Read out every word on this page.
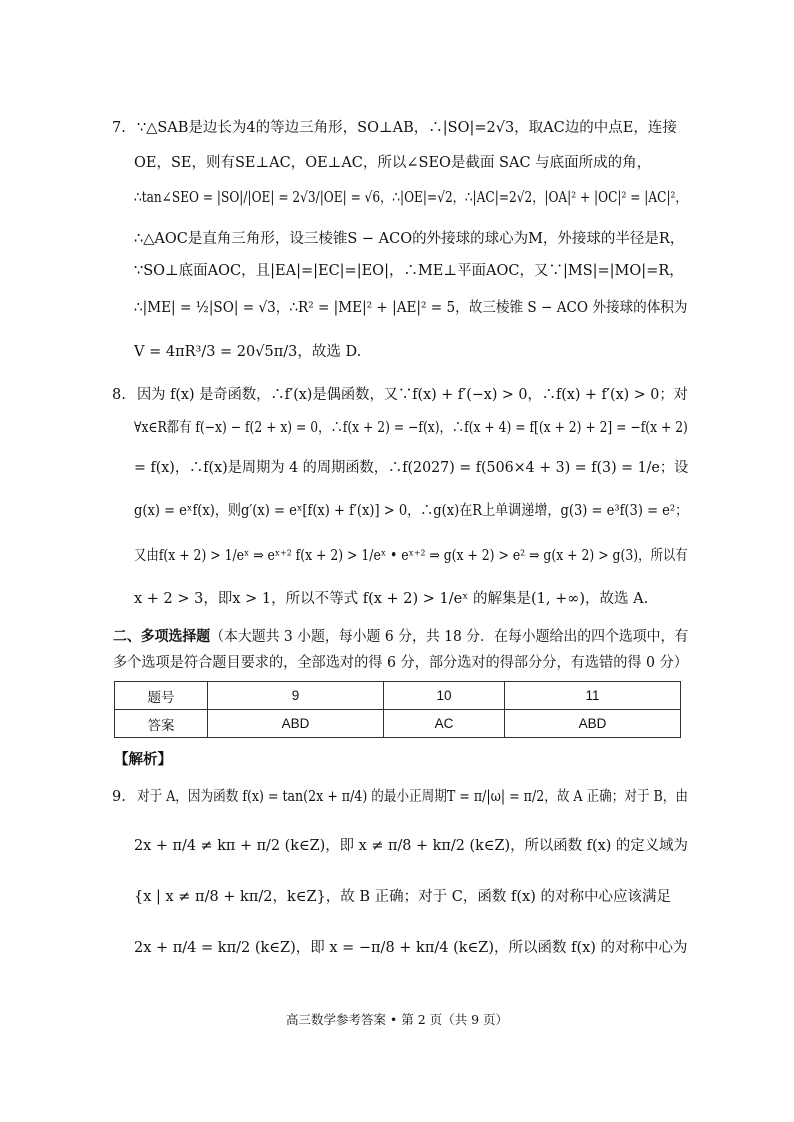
7. ∵△SAB是边长为4的等边三角形，SO⊥AB，∴|SO|=2√3，取AC边的中点E，连接
OE，SE，则有SE⊥AC，OE⊥AC，所以∠SEO是截面 SAC 与底面所成的角，
∴tan∠SEO = |SO|/|OE| = 2√3/|OE| = √6，∴|OE|=√2，∴|AC|=2√2，|OA|² + |OC|² = |AC|²，
∴△AOC是直角三角形，设三棱锥S − ACO的外接球的球心为M，外接球的半径是R，
∵SO⊥底面AOC，且|EA|=|EC|=|EO|，∴ME⊥平面AOC，又∵|MS|=|MO|=R，
∴|ME| = ½|SO| = √3，∴R² = |ME|² + |AE|² = 5，故三棱锥 S − ACO 外接球的体积为
V = 4πR³/3 = 20√5π/3，故选 D.
8. 因为 f(x) 是奇函数，∴f′(x)是偶函数，又∵f(x) + f′(−x) > 0，∴f(x) + f′(x) > 0；对
∀x∈R都有 f(−x) − f(2 + x) = 0，∴f(x + 2) = −f(x)，∴f(x + 4) = f[(x + 2) + 2] = −f(x + 2)
= f(x)，∴f(x)是周期为 4 的周期函数，∴f(2027) = f(506×4 + 3) = f(3) = 1/e；设
g(x) = eˣf(x)，则g′(x) = eˣ[f(x) + f′(x)] > 0，∴g(x)在R上单调递增，g(3) = e³f(3) = e²；
又由f(x + 2) > 1/eˣ ⇒ eˣ⁺² f(x + 2) > 1/eˣ • eˣ⁺² ⇒ g(x + 2) > e² ⇒ g(x + 2) > g(3)，所以有
x + 2 > 3，即x > 1，所以不等式 f(x + 2) > 1/eˣ 的解集是(1, +∞)，故选 A.
二、多项选择题（本大题共 3 小题，每小题 6 分，共 18 分．在每小题给出的四个选项中，有
多个选项是符合题目要求的，全部选对的得 6 分，部分选对的得部分分，有选错的得 0 分）
题号	9	10	11
答案	ABD	AC	ABD
【解析】
9. 对于 A，因为函数 f(x) = tan(2x + π/4) 的最小正周期T = π/|ω| = π/2，故 A 正确；对于 B，由
2x + π/4 ≠ kπ + π/2 (k∈Z)，即 x ≠ π/8 + kπ/2 (k∈Z)，所以函数 f(x) 的定义域为
{x | x ≠ π/8 + kπ/2，k∈Z}，故 B 正确；对于 C，函数 f(x) 的对称中心应该满足
2x + π/4 = kπ/2 (k∈Z)，即 x = −π/8 + kπ/4 (k∈Z)，所以函数 f(x) 的对称中心为
高三数学参考答案 • 第 2 页（共 9 页）
